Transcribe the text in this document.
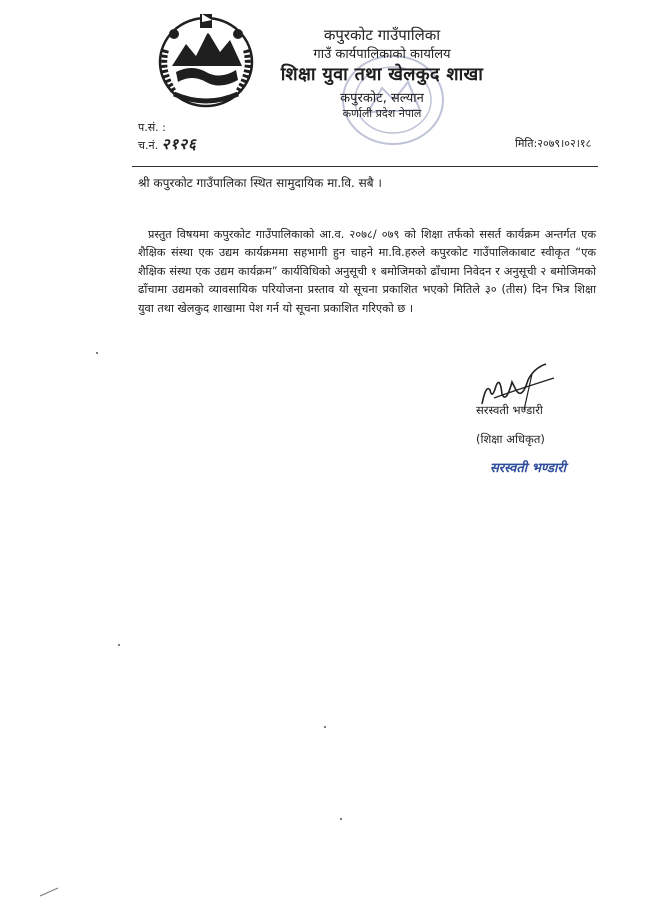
कपुरकोट गाउँपालिका
गाउँ कार्यपालिकाको कार्यालय
शिक्षा युवा तथा खेलकुद शाखा
कपुरकोट, सल्यान
कर्णाली प्रदेश नेपाल
प.सं. :
च.नं. २१२६	मिति:२०७९।०२।१८
श्री कपुरकोट गाउँपालिका स्थित सामुदायिक मा.वि. सबै ।
प्रस्तुत विषयमा कपुरकोट गाउँपालिकाको आ.व. २०७८/ ०७९ को शिक्षा तर्फको ससर्त कार्यक्रम अन्तर्गत एक शैक्षिक संस्था एक उद्यम कार्यक्रममा सहभागी हुन चाहने मा.वि.हरुले कपुरकोट गाउँपालिकाबाट स्वीकृत “एक शैक्षिक संस्था एक उद्यम कार्यक्रम” कार्यविधिको अनुसूची १ बमोजिमको ढाँचामा निवेदन र अनुसूची २ बमोजिमको ढाँचामा उद्यमको व्यावसायिक परियोजना प्रस्ताव यो सूचना प्रकाशित भएको मितिले ३० (तीस) दिन भित्र शिक्षा युवा तथा खेलकुद शाखामा पेश गर्न यो सूचना प्रकाशित गरिएको छ ।
सरस्वती भण्डारी
(शिक्षा अधिकृत)
सरस्वती भण्डारी
